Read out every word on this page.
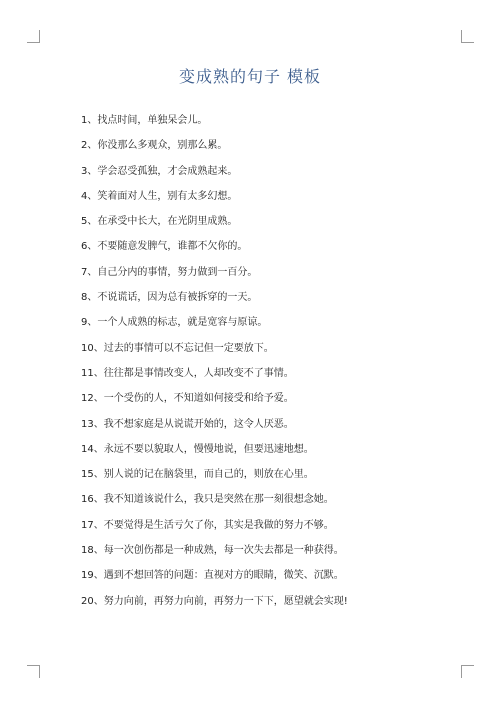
变成熟的句子 模板
1、找点时间，单独呆会儿。
2、你没那么多观众，别那么累。
3、学会忍受孤独，才会成熟起来。
4、笑着面对人生，别有太多幻想。
5、在承受中长大，在光阴里成熟。
6、不要随意发脾气，谁都不欠你的。
7、自己分内的事情，努力做到一百分。
8、不说谎话，因为总有被拆穿的一天。
9、一个人成熟的标志，就是宽容与原谅。
10、过去的事情可以不忘记但一定要放下。
11、往往都是事情改变人，人却改变不了事情。
12、一个受伤的人，不知道如何接受和给予爱。
13、我不想家庭是从说谎开始的，这令人厌恶。
14、永远不要以貌取人，慢慢地说，但要迅速地想。
15、别人说的记在脑袋里，而自己的，则放在心里。
16、我不知道该说什么，我只是突然在那一刻很想念她。
17、不要觉得是生活亏欠了你，其实是我做的努力不够。
18、每一次创伤都是一种成熟，每一次失去都是一种获得。
19、遇到不想回答的问题：直视对方的眼睛，微笑、沉默。
20、努力向前，再努力向前，再努力一下下，愿望就会实现!
